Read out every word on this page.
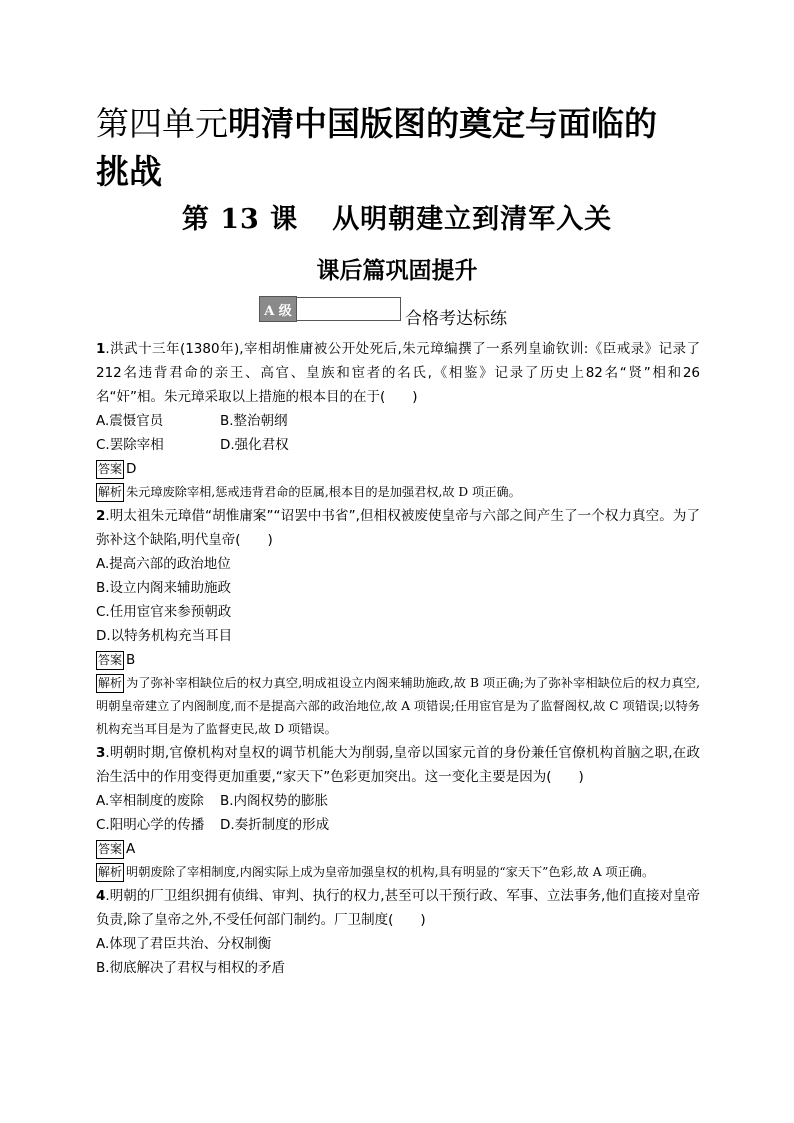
第四单元明清中国版图的奠定与面临的
挑战
第 13 课 从明朝建立到清军入关
课后篇巩固提升
A 级	合格考达标练

1.洪武十三年(1380年),宰相胡惟庸被公开处死后,朱元璋编撰了一系列皇谕钦训:《臣戒录》记录了212名违背君命的亲王、高官、皇族和宦者的名氏,《相鉴》记录了历史上82名“贤”相和26名“奸”相。朱元璋采取以上措施的根本目的在于(　　)

A.震慑官员	B.整治朝纲
C.罢除宰相	D.强化君权
答案 D

解析 朱元璋废除宰相,惩戒违背君命的臣属,根本目的是加强君权,故 D 项正确。

2.明太祖朱元璋借“胡惟庸案”“诏罢中书省”,但相权被废使皇帝与六部之间产生了一个权力真空。为了弥补这个缺陷,明代皇帝(　　)

A.提高六部的政治地位

B.设立内阁来辅助施政

C.任用宦官来参预朝政

D.以特务机构充当耳目

答案 B

解析 为了弥补宰相缺位后的权力真空,明成祖设立内阁来辅助施政,故 B 项正确;为了弥补宰相缺位后的权力真空,明朝皇帝建立了内阁制度,而不是提高六部的政治地位,故 A 项错误;任用宦官是为了监督阁权,故 C 项错误;以特务机构充当耳目是为了监督吏民,故 D 项错误。

3.明朝时期,官僚机构对皇权的调节机能大为削弱,皇帝以国家元首的身份兼任官僚机构首脑之职,在政治生活中的作用变得更加重要,“家天下”色彩更加突出。这一变化主要是因为(　　)

A.宰相制度的废除	B.内阁权势的膨胀
C.阳明心学的传播	D.奏折制度的形成
答案 A

解析 明朝废除了宰相制度,内阁实际上成为皇帝加强皇权的机构,具有明显的“家天下”色彩,故 A 项正确。

4.明朝的厂卫组织拥有侦缉、审判、执行的权力,甚至可以干预行政、军事、立法事务,他们直接对皇帝负责,除了皇帝之外,不受任何部门制约。厂卫制度(　　)

A.体现了君臣共治、分权制衡

B.彻底解决了君权与相权的矛盾
